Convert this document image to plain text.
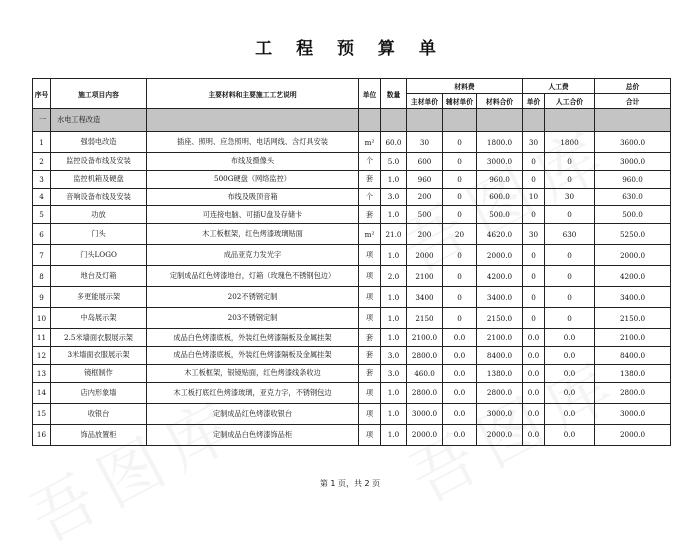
工 程 预 算 单
序号	施工项目内容	主要材料和主要施工工艺说明	单位	数量	材料费			人工费		总价
					主材单价	辅材单价	材料合价	单价	人工合价	合计
一	水电工程改造									
1	强弱电改造	插座、照明、应急照明、电话网线、含灯具安装	m²	60.0	30	0	1800.0	30	1800	3600.0
2	监控设备布线及安装	布线及摄像头	个	5.0	600	0	3000.0	0	0	3000.0
3	监控机箱及硬盘	500G硬盘（网络监控）	套	1.0	960	0	960.0	0	0	960.0
4	音响设备布线及安装	布线及吸顶音箱	个	3.0	200	0	600.0	10	30	630.0
5	功放	可连接电脑、可插U盘及存储卡	套	1.0	500	0	500.0	0	0	500.0
6	门头	木工板框架，红色烤漆玻璃贴面	m²	21.0	200	20	4620.0	30	630	5250.0
7	门头LOGO	成品亚克力发光字	项	1.0	2000	0	2000.0	0	0	2000.0
8	地台及灯箱	定制成品红色烤漆地台，灯箱（玫瑰色不锈钢包边）	项	2.0	2100	0	4200.0	0	0	4200.0
9	多更能展示架	202不锈钢定制	项	1.0	3400	0	3400.0	0	0	3400.0
10	中岛展示架	203不锈钢定制	项	1.0	2150	0	2150.0	0	0	2150.0
11	2.5米墙面衣服展示架	成品白色烤漆底板，外装红色烤漆隔板及金属挂架	套	1.0	2100.0	0.0	2100.0	0.0	0.0	2100.0
12	3米墙面衣服展示架	成品白色烤漆底板，外装红色烤漆隔板及金属挂架	套	3.0	2800.0	0.0	8400.0	0.0	0.0	8400.0
13	镜框制作	木工板框架，银镜贴面，红色烤漆线条收边	套	3.0	460.0	0.0	1380.0	0.0	0.0	1380.0
14	店内形象墙	木工板打底红色烤漆玻璃，亚克力字，不锈钢包边	项	1.0	2800.0	0.0	2800.0	0.0	0.0	2800.0
15	收银台	定制成品红色烤漆收银台	项	1.0	3000.0	0.0	3000.0	0.0	0.0	3000.0
16	饰品放置柜	定制成品白色烤漆饰品柜	项	1.0	2000.0	0.0	2000.0	0.0	0.0	2000.0
第 1 页，共 2 页
